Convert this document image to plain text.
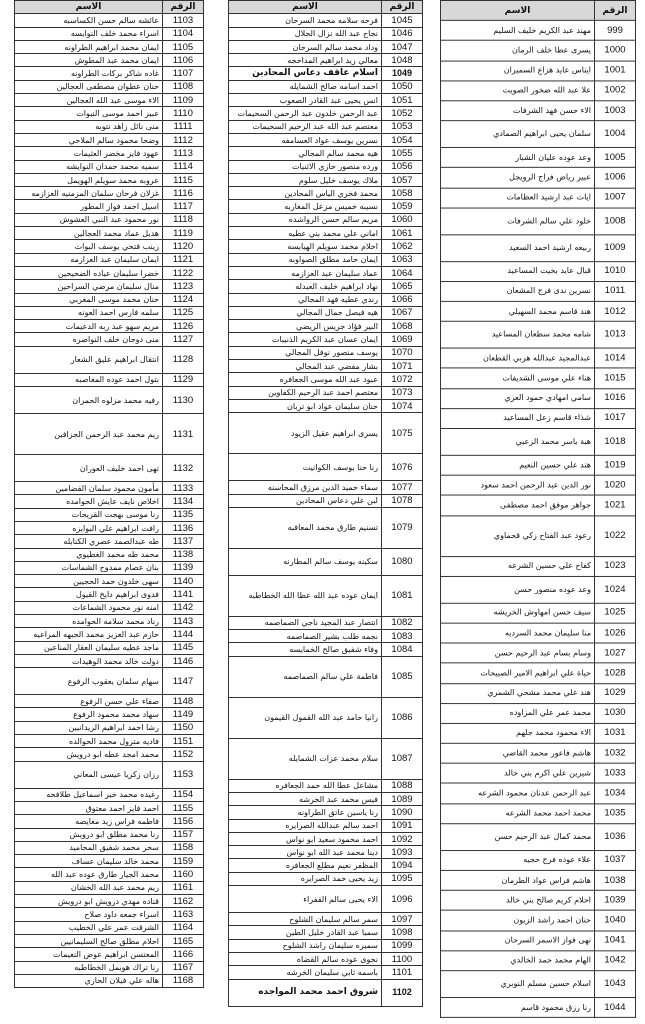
الاسم	الرقم
عائشه سالم حسن الكساسبه	1103
اسراء محمد خلف النوايسه	1104
ايمان محمد ابراهيم الطراونه	1105
ايمان محمد عبد المطوش	1106
غاده شاكر بركات الطراونه	1107
حنان عطوان مصطفى العجالين	1108
الاء موسى عبد الله العجالين	1109
عبير احمد موسى النبوات	1110
منى نائل زاهد نتوبه	1111
وضحا محمود سالم الملاحي	1112
عهود فايز مخضر العثيمات	1113
سميه محمد حمدان النوايشه	1114
عروبه محمد سويلم الهويمل	1115
غزلان فرحان سلمان المزمنيه العزازمه	1116
اسيل احمد فواز المطور	1117
نور محمود عبد النبي العشوش	1118
هديل عماد محمد العجالين	1119
زينب فتحي يوسف البوات	1120
ايمان سليمان عبد العزازمه	1121
خضرا سليمان عياده الضحيحين	1122
منال سليمان مرضي السراحين	1123
حنان محمد موسى المغربي	1124
سلمه فارس احمد العونه	1125
مريم سهو عبد ربه الدعيمات	1126
منى دوجان خلف النواصره	1127
انتقال ابراهيم عليق الشعار	1128
بتول احمد عوده المغاصبه	1129
رفيه محمد مزلوه الحمران	1130
ريم محمد عبد الرحمن الجزافين	1131
تهى احمد خليف العوران	1132
مأمون محمود سلمان القضامين	1133
اخلاص نايف عايش الحوامده	1134
رنا موسى بهجت القريجات	1135
رافت ابراهيم علي البوايزه	1136
طه عبدالصمد عصري الكنابله	1137
محمد طه محمد الغطيوي	1138
بنان عصام ممدوح الشماسات	1139
سهى خلدون حمد الحجيين	1140
فدوى ابراهيم دايخ القيول	1141
امنه نور محمود الشماعات	1142
رناد محمد سلامه الحوامده	1143
حازم عبد العزيز محمد الجبهه المراعيه	1144
ماجد عطيه سليمان العقار المناعين	1145
دولت خالد محمد الوهيدات	1146
سهام سلمان يعقوب الرفوع	1147
صفاء علي حسن الرفوع	1148
سهاد محمد محمود الرفوع	1149
رشا احمد ابراهيم الزيدانيين	1150
فاديه مترول محمد الحوالده	1151
محمد امجد عطه ابو درويش	1152
رزان زكريا عيسى المعاني	1153
رغيده محمد خير اسماعيل طلافحه	1154
احمد فايز احمد معتوق	1155
فاطمه فراس زيد مغايضه	1156
رنا محمد مطلق ابو درويش	1157
سحر محمد شفيق المحاميد	1158
محمد خالد سليمان عساف	1159
محمد الجيار طارق عوده عبد الله	1160
ريم محمد عبد الله الخشان	1161
قناده مهدي درويش ابو درويش	1162
اسراء جمعه داود صلاح	1163
الشرقت عمر علي الخطيب	1164
احلام مطلق صالح السليمانيين	1165
المعتسن ابراهيم عوض النعيمات	1166
رنا تراك هويمل الخطاطبه	1167
هاله علي فيلان الحازي	1168
الاسم	الرقم
فرحه سلامه محمد السرحان	1045
نجاح عبد الله نزال الجلال	1046
وداد محمد سالم السرحان	1047
معالي زيد ابراهيم المداحجه	1048
اسلام عاقف دعاس المحادين	1049
احمد اسامه صالح الشمايله	1050
انس يحيى عبد القادر الصعوب	1051
عبد الرحمن خلدون عبد الرحمن السحيمات	1052
معتصم عبد الله عبد الرحيم السحيمات	1053
نسرين يوسف عواد العسامفه	1054
هيه محمد سالم المجالي	1055
ورده منصور حازي الاثنيات	1056
ملاك يوسف خليل سلوم	1057
محمد فخري الياس المحادين	1058
نسيبه خميس مزعل المغاربه	1059
مريم سالم حسن الرواشده	1060
اماني علي محمد بني عطيه	1061
احلام محمد سويلم الهيايسه	1062
ايمان حامد مطلق الصواوبه	1063
عماد سليمان عبد العزازمه	1064
نهاد ابراهيم خليف العبدله	1065
رندي عطيه فهد المجالي	1066
هيه فيصل جمال المجالي	1067
البير فؤاد جريس الريضي	1068
ايمان عسان عبد الكريم الذنيبات	1069
يوسف منصور نوفل المجالي	1070
بشار مفضي عبد المجالي	1071
عبود عبد الله موسى الجعافره	1072
معتصم احمد عبد الرحيم الكفاوين	1073
حنان سليمان عواد ابو تربان	1074
يسرى ابراهيم عقيل الزيود	1075
رنا حنا يوسف الكوانيت	1076
سماء حميد الدين مرزق المحاسنه	1077
لبن علي دعاس المحادين	1078
تسنيم طارق محمد المعاقبه	1079
سكينه يوسف سالم المطارنه	1080
ايمان عوده عبد الله عطا الله الخطاطبه	1081
انتصار عبد المجيد ناجي الصماصمه	1082
نجمه طلب بشير الصماصمه	1083
وفاء شفيق صالح الخمايسه	1084
فاطمة علي سالم الصماصمه	1085
رانيا حامد عبد الله القمول القيمون	1086
سلام محمد عزات الشمايله	1087
مشاعل عطا الله حمد الجعافره	1088
فيس محمد عبد الخرشه	1089
رنا ياسين عاتق الطراونه	1090
احمد سالم عبدالله الصرايره	1091
احمد محمود سعيد ابو نواس	1092
دينا محمد عبد الله ابو نواس	1093
المظفر نعيم مطلع الجعافره	1094
زيد يحيى حمد الصرايره	1095
الاء يحيى سالم القفراء	1096
سمر سالم سليمان الشلوح	1097
سميا عبد القادر خليل الطين	1098
سميره سليمان راشد الشلوح	1099
نجوى عوده سالم القضاه	1100
باسمه ثابي سليمان الخرشه	1101
شروق احمد محمد المواجده	1102
الاسم	الرقم
مهند عبد الكريم خليف السليم	999
يسرى عطا خلف الرمان	1000
ايناس عايد هزاع السميران	1001
علا عبد الله ضخور الصويت	1002
الاء حسن فهد الشرفات	1003
سلمان يحيى ابراهيم الصمادي	1004
وعد عوده عليان الشبار	1005
عبير رياض فراج الرويجل	1006
ايات عبد ارشيد العظامات	1007
خلود علي سالم الشرفات	1008
ربيعه ارشيد احمد السعيد	1009
قبال عايد بخيت المساعيد	1010
نسرين ندى فرج المشعان	1011
هند قاسم محمد السهيلي	1012
شامه محمد سطعان المساعيد	1013
عبدالمجيد عبدالله هربي القطعان	1014
هناء علي موسى الشديفات	1015
سامي امهادي حمود العزي	1016
شذاء قاسم زعل المساعيد	1017
هبة ياسر محمد الزعبي	1018
هند علي حسين النعيم	1019
نور الدين عبد الرحمن احمد سعود	1020
جواهر موفق احمد مصطفى	1021
رعود عبد الفتاح زكي قحماوي	1022
كفاح علي حسين الشرعه	1023
وعد عوده منصور حسن	1024
سيف حسن امهاوش الخريشه	1025
منا سليمان محمد السرديه	1026
وسام بسام عبد الرحيم حسن	1027
حياة علي ابراهيم الامير الصبيحات	1028
هند علي محمد مشحي الشمري	1029
محمد عمر علي المزاوده	1030
الاء محمود محمد جلهم	1031
هاشم فاعور محمد القاضي	1032
شيرين علي اكرم بني خالد	1033
عبد الرحمن عدنان محمود الشرعه	1034
محمد احمد محمد الشرعه	1035
محمد كمال عبد الرحيم حسن	1036
علاء عوده فرج حجيه	1037
هاشم فراس عواد الطرمان	1038
احلام كريم صالح بني خالد	1039
حنان احمد راشد الزيون	1040
نهى فواز الاسمر السرحان	1041
الهام محمد حمد الخالدي	1042
اسلام حسين مسلم النويري	1043
رنا رزق محمود قاسم	1044
